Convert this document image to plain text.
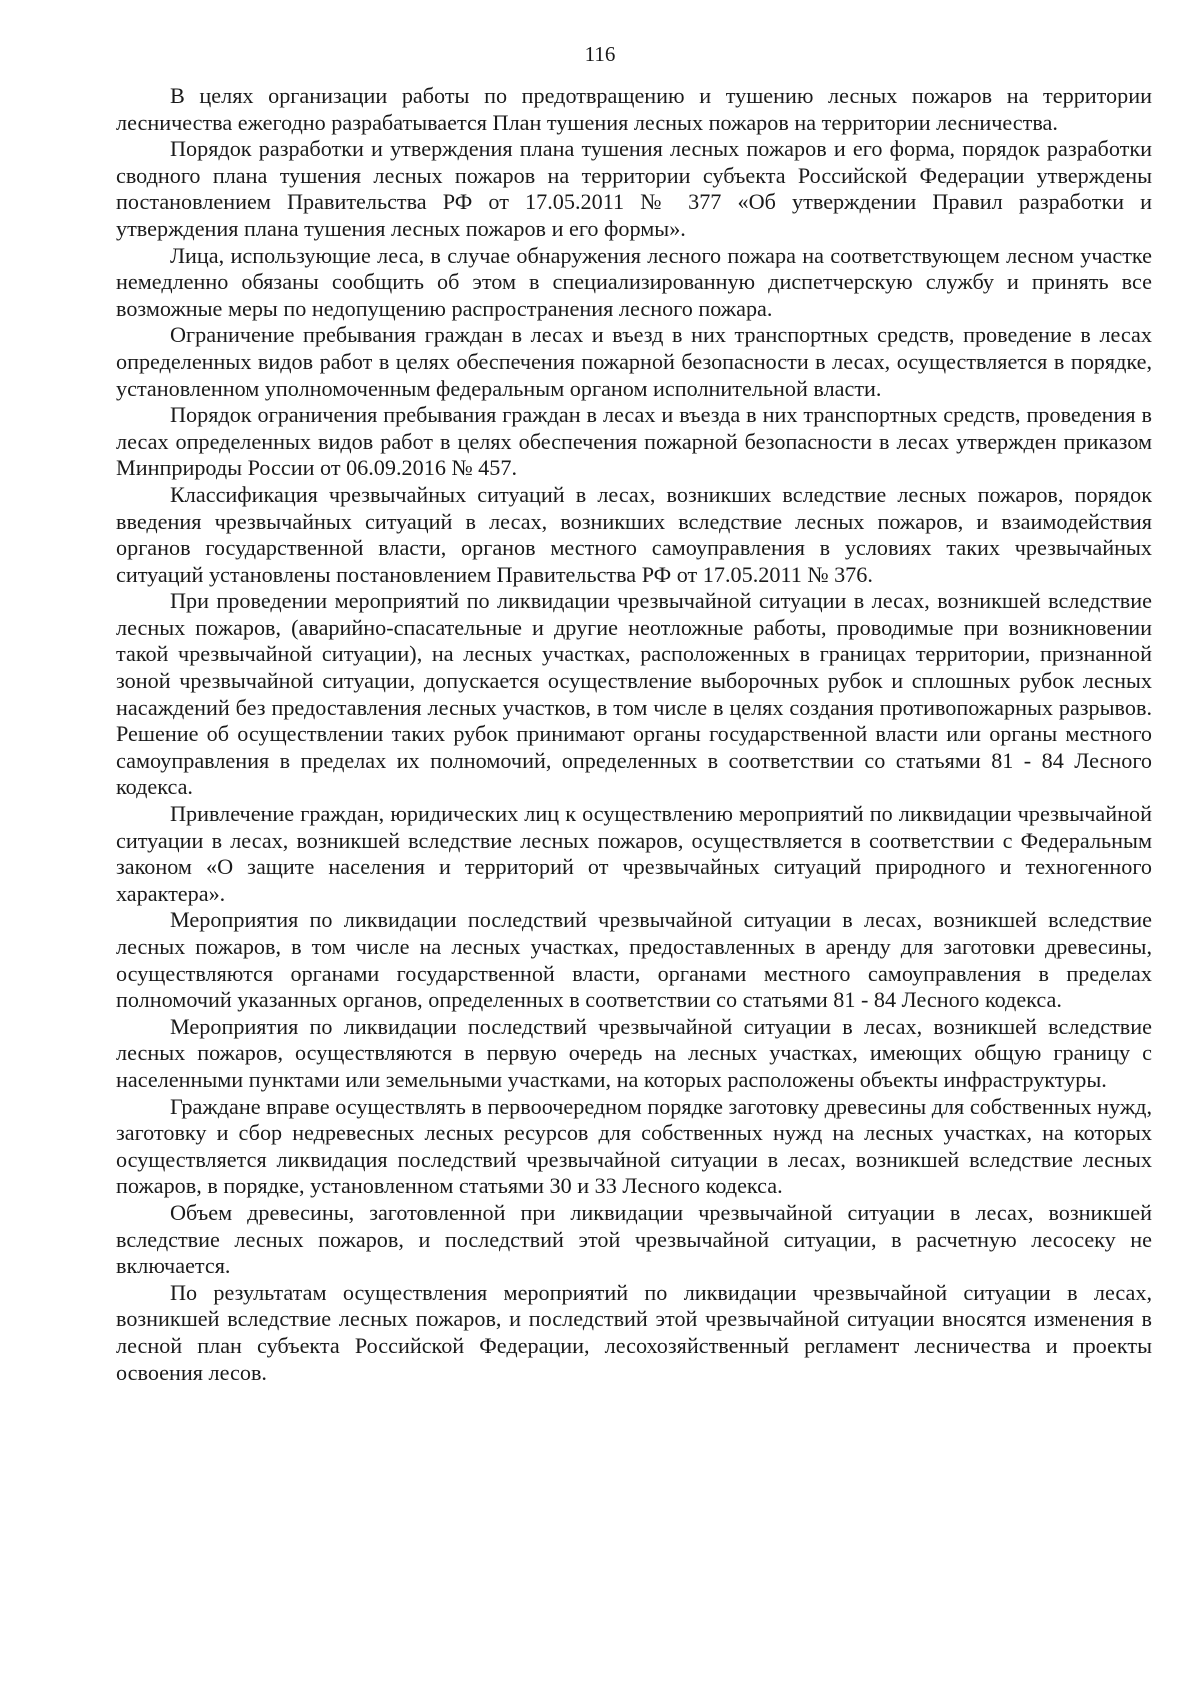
116

В целях организации работы по предотвращению и тушению лесных пожаров на территории лесничества ежегодно разрабатывается План тушения лесных пожаров на территории лесничества.

Порядок разработки и утверждения плана тушения лесных пожаров и его форма, порядок разработки сводного плана тушения лесных пожаров на территории субъекта Российской Федерации утверждены постановлением Правительства РФ от 17.05.2011 № 377 «Об утверждении Правил разработки и утверждения плана тушения лесных пожаров и его формы».

Лица, использующие леса, в случае обнаружения лесного пожара на соответствующем лесном участке немедленно обязаны сообщить об этом в специализированную диспетчерскую службу и принять все возможные меры по недопущению распространения лесного пожара.

Ограничение пребывания граждан в лесах и въезд в них транспортных средств, проведение в лесах определенных видов работ в целях обеспечения пожарной безопасности в лесах, осуществляется в порядке, установленном уполномоченным федеральным органом исполнительной власти.

Порядок ограничения пребывания граждан в лесах и въезда в них транспортных средств, проведения в лесах определенных видов работ в целях обеспечения пожарной безопасности в лесах утвержден приказом Минприроды России от 06.09.2016 № 457.

Классификация чрезвычайных ситуаций в лесах, возникших вследствие лесных пожаров, порядок введения чрезвычайных ситуаций в лесах, возникших вследствие лесных пожаров, и взаимодействия органов государственной власти, органов местного самоуправления в условиях таких чрезвычайных ситуаций установлены постановлением Правительства РФ от 17.05.2011 № 376.

При проведении мероприятий по ликвидации чрезвычайной ситуации в лесах, возникшей вследствие лесных пожаров, (аварийно-спасательные и другие неотложные работы, проводимые при возникновении такой чрезвычайной ситуации), на лесных участках, расположенных в границах территории, признанной зоной чрезвычайной ситуации, допускается осуществление выборочных рубок и сплошных рубок лесных насаждений без предоставления лесных участков, в том числе в целях создания противопожарных разрывов. Решение об осуществлении таких рубок принимают органы государственной власти или органы местного самоуправления в пределах их полномочий, определенных в соответствии со статьями 81 - 84 Лесного кодекса.

Привлечение граждан, юридических лиц к осуществлению мероприятий по ликвидации чрезвычайной ситуации в лесах, возникшей вследствие лесных пожаров, осуществляется в соответствии с Федеральным законом «О защите населения и территорий от чрезвычайных ситуаций природного и техногенного характера».

Мероприятия по ликвидации последствий чрезвычайной ситуации в лесах, возникшей вследствие лесных пожаров, в том числе на лесных участках, предоставленных в аренду для заготовки древесины, осуществляются органами государственной власти, органами местного самоуправления в пределах полномочий указанных органов, определенных в соответствии со статьями 81 - 84 Лесного кодекса.

Мероприятия по ликвидации последствий чрезвычайной ситуации в лесах, возникшей вследствие лесных пожаров, осуществляются в первую очередь на лесных участках, имеющих общую границу с населенными пунктами или земельными участками, на которых расположены объекты инфраструктуры.

Граждане вправе осуществлять в первоочередном порядке заготовку древесины для собственных нужд, заготовку и сбор недревесных лесных ресурсов для собственных нужд на лесных участках, на которых осуществляется ликвидация последствий чрезвычайной ситуации в лесах, возникшей вследствие лесных пожаров, в порядке, установленном статьями 30 и 33 Лесного кодекса.

Объем древесины, заготовленной при ликвидации чрезвычайной ситуации в лесах, возникшей вследствие лесных пожаров, и последствий этой чрезвычайной ситуации, в расчетную лесосеку не включается.

По результатам осуществления мероприятий по ликвидации чрезвычайной ситуации в лесах, возникшей вследствие лесных пожаров, и последствий этой чрезвычайной ситуации вносятся изменения в лесной план субъекта Российской Федерации, лесохозяйственный регламент лесничества и проекты освоения лесов.
